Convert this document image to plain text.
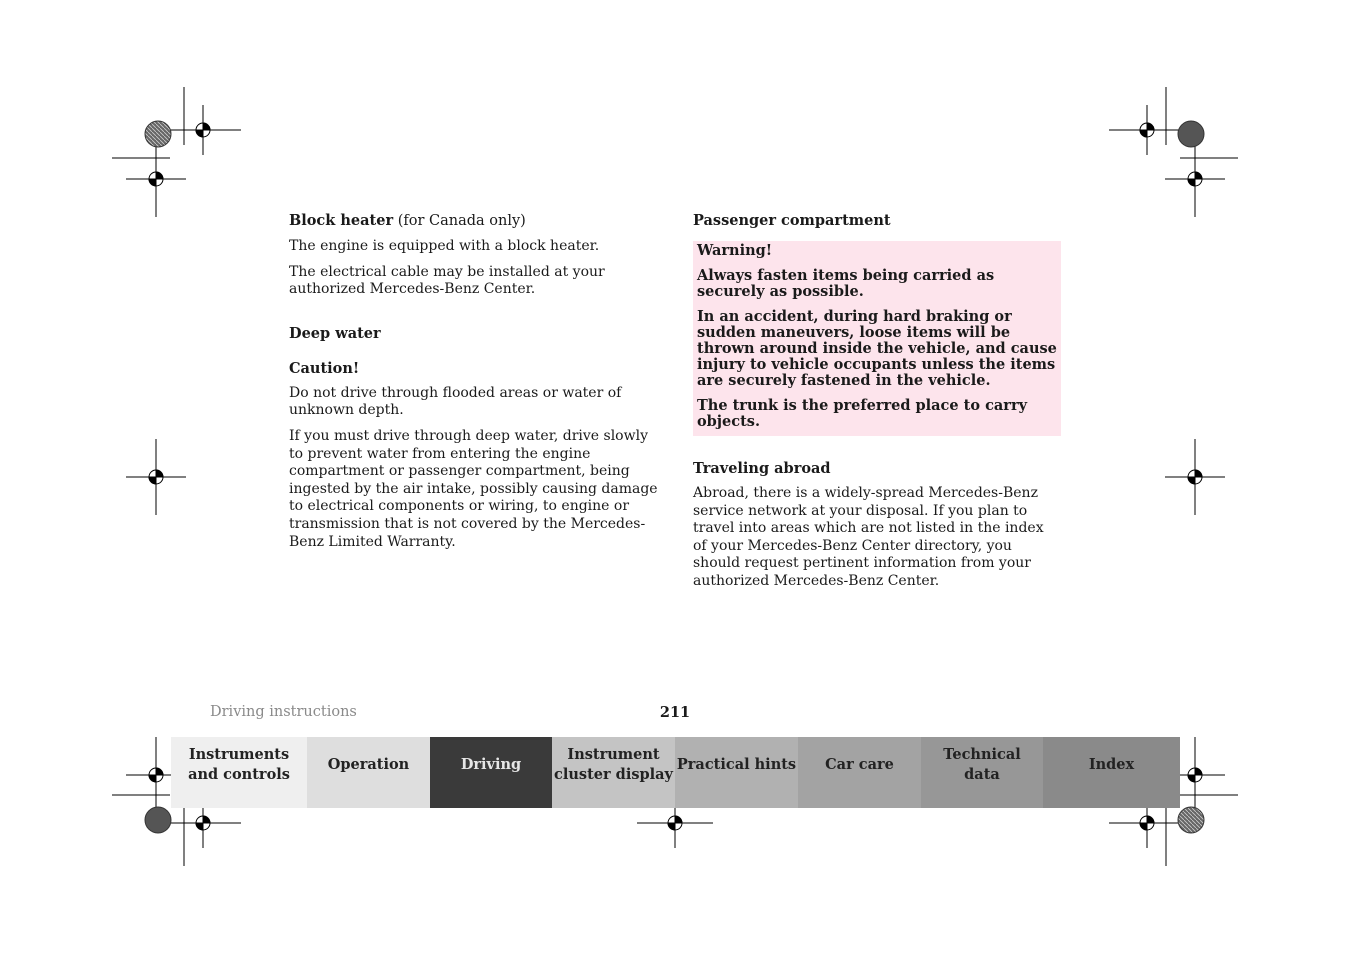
Block heater (for Canada only)

The engine is equipped with a block heater.

The electrical cable may be installed at your authorized Mercedes-Benz Center.

Deep water

Caution!

Do not drive through flooded areas or water of unknown depth.

If you must drive through deep water, drive slowly to prevent water from entering the engine compartment or passenger compartment, being ingested by the air intake, possibly causing damage to electrical components or wiring, to engine or transmission that is not covered by the Mercedes-Benz Limited Warranty.

Passenger compartment

Warning!

Always fasten items being carried as securely as possible.

In an accident, during hard braking or sudden maneuvers, loose items will be thrown around inside the vehicle, and cause injury to vehicle occupants unless the items are securely fastened in the vehicle.

The trunk is the preferred place to carry objects.

Traveling abroad

Abroad, there is a widely-spread Mercedes-Benz service network at your disposal. If you plan to travel into areas which are not listed in the index of your Mercedes-Benz Center directory, you should request pertinent information from your authorized Mercedes-Benz Center.

Driving instructions	211
Instruments
and controls
Operation	Driving
Instrument
cluster display
Practical hints Car care
Technical
data
Index
